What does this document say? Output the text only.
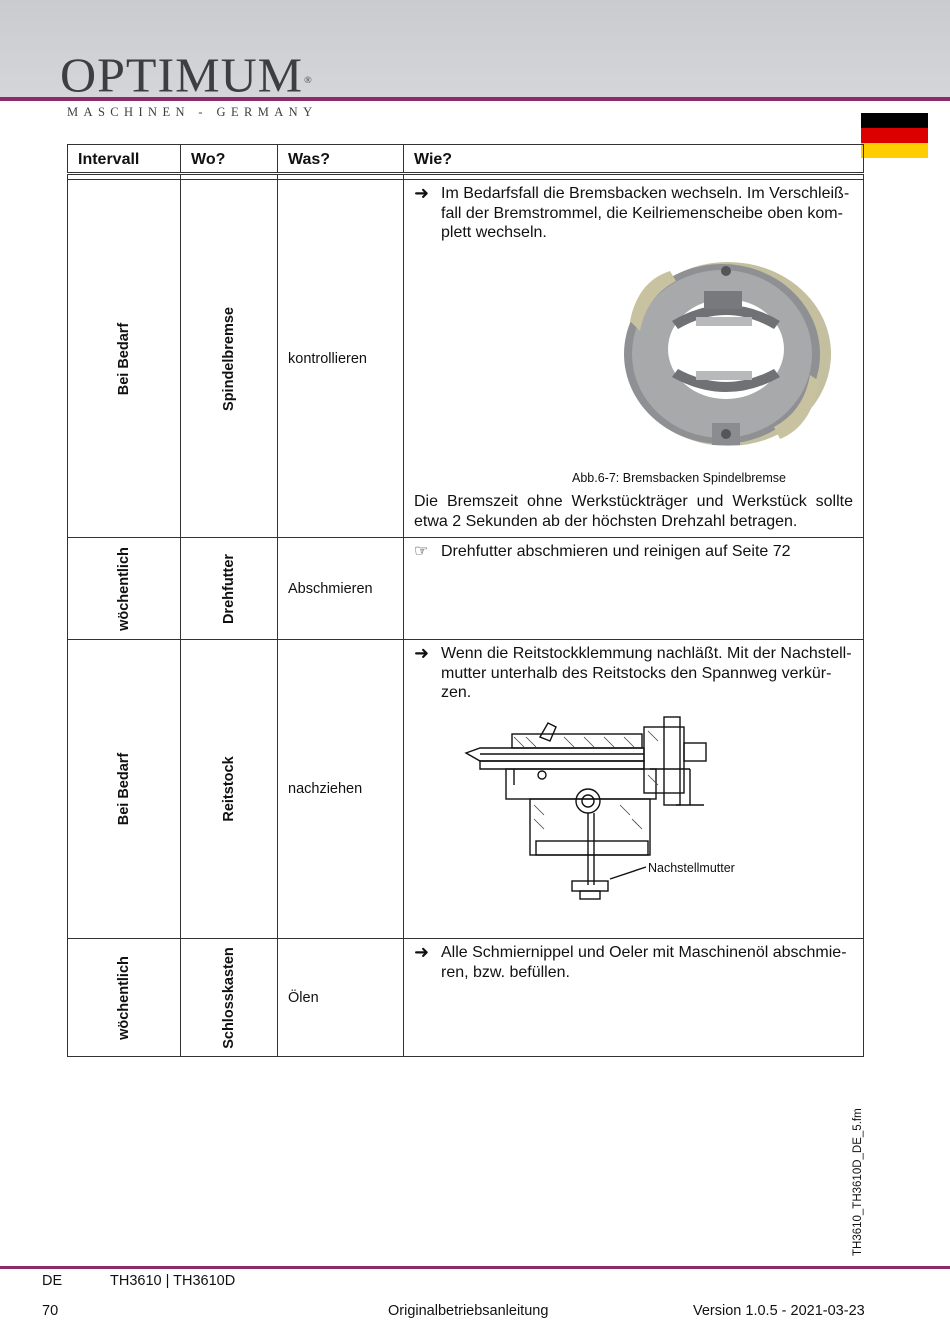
OPTIMUM®
MASCHINEN - GERMANY
Intervall	Wo?	Was?	Wie?

Bei Bedarf	Spindelbremse	kontrollieren	➜ Im Bedarfsfall die Bremsbacken wechseln. Im Verschleiß-fall der Bremstrommel, die Keilriemenscheibe oben kom-plett wechseln.
Abb.6-7: Bremsbacken Spindelbremse
Die Bremszeit ohne Werkstückträger und Werkstück sollte etwa 2 Sekunden ab der höchsten Drehzahl betragen.

wöchentlich	Drehfutter	Abschmieren	☞ Drehfutter abschmieren und reinigen auf Seite 72

Bei Bedarf	Reitstock	nachziehen	➜ Wenn die Reitstockklemmung nachläßt. Mit der Nachstell-mutter unterhalb des Reitstocks den Spannweg verkür-zen.
Nachstellmutter

wöchentlich	Schlosskasten	Ölen	➜ Alle Schmiernippel und Oeler mit Maschinenöl abschmie-ren, bzw. befüllen.
TH3610_TH3610D_DE_5.fm
DE	TH3610 | TH3610D
70	Originalbetriebsanleitung	Version 1.0.5 - 2021-03-23
